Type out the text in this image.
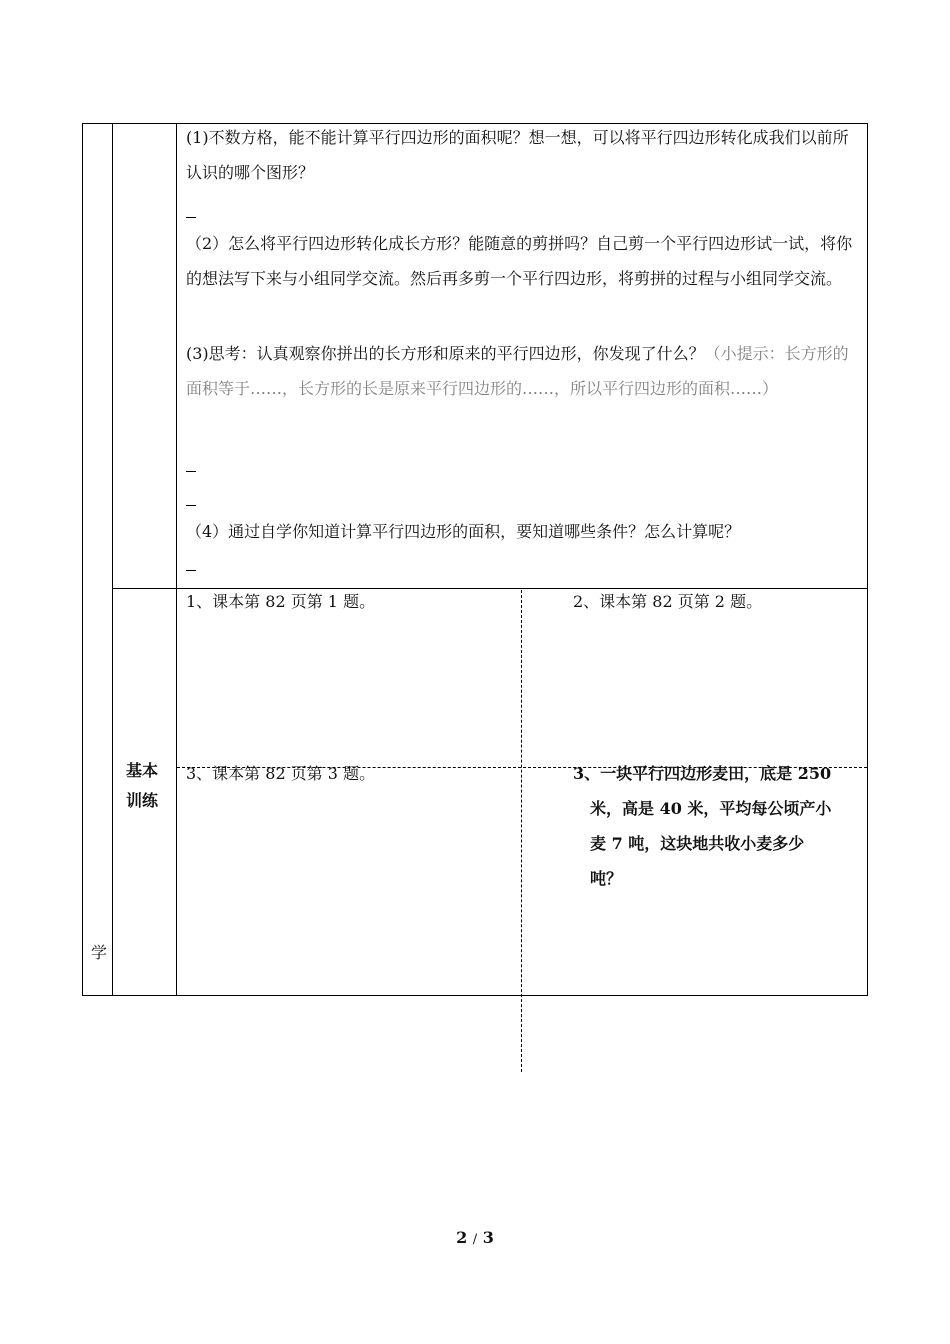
学
基本
训练
(1)不数方格，能不能计算平行四边形的面积呢？想一想，可以将平行四边形转化成我们以前所认识的哪个图形？
（2）怎么将平行四边形转化成长方形？能随意的剪拼吗？自己剪一个平行四边形试一试，将你的想法写下来与小组同学交流。然后再多剪一个平行四边形，将剪拼的过程与小组同学交流。
(3)思考：认真观察你拼出的长方形和原来的平行四边形，你发现了什么？（小提示：长方形的面积等于……，长方形的长是原来平行四边形的……，所以平行四边形的面积……）
（4）通过自学你知道计算平行四边形的面积，要知道哪些条件？怎么计算呢？
1、课本第 82 页第 1 题。	2、课本第 82 页第 2 题。
3、课本第 82 页第 3 题。	3、一块平行四边形麦田，底是 250
米，高是 40 米，平均每公顷产小
麦 7 吨，这块地共收小麦多少
吨？
2 / 3
